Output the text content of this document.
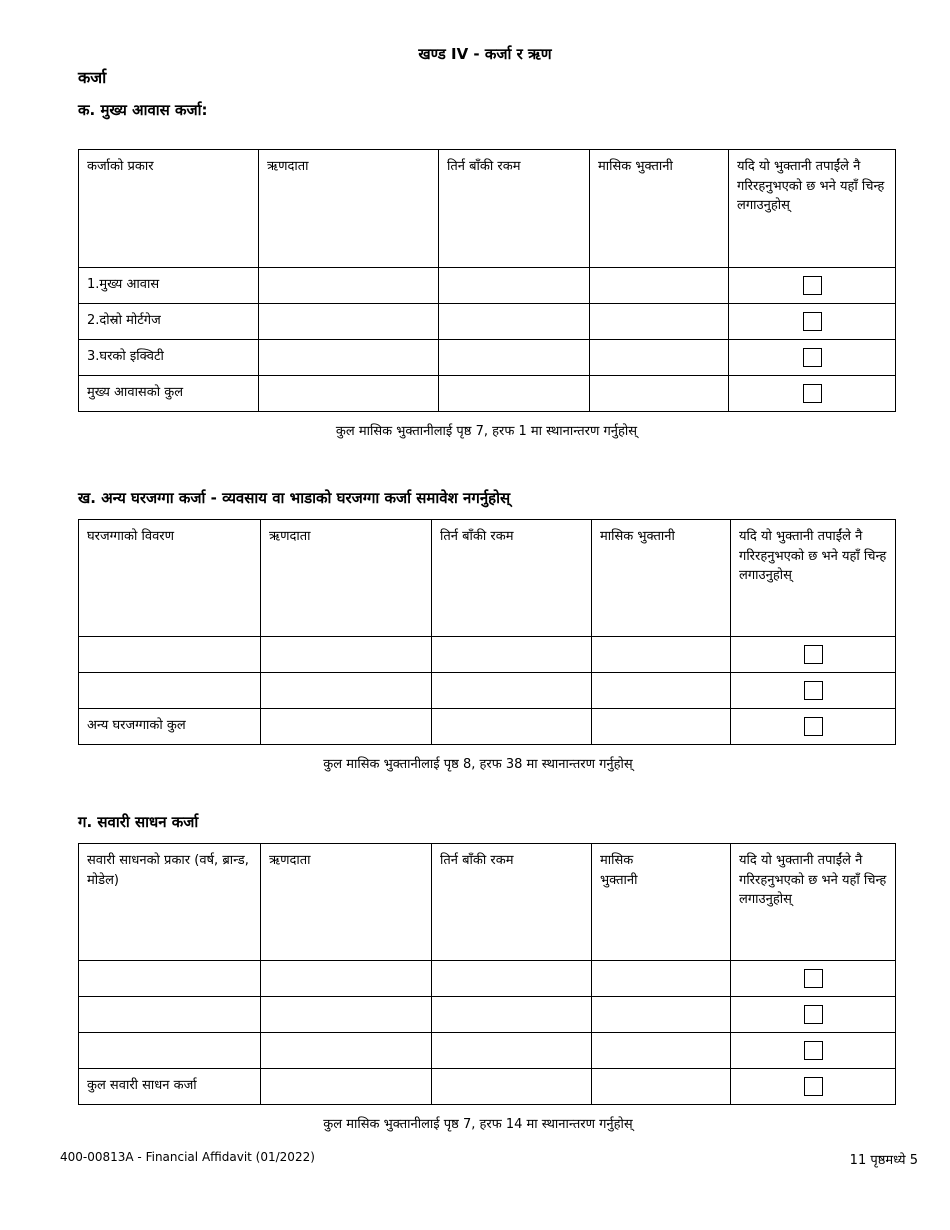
खण्ड IV - कर्जा र ऋण
कर्जा
क. मुख्य आवास कर्जा:
कर्जाको प्रकार	ऋणदाता	तिर्न बाँकी रकम	मासिक भुक्तानी	यदि यो भुक्तानी तपाईंले नै गरिरहनुभएको छ भने यहाँ चिन्ह लगाउनुहोस्

1.मुख्य आवास				

2.दोस्रो मोर्टगेज				

3.घरको इक्विटी				

मुख्य आवासको कुल				

कुल मासिक भुक्तानीलाई पृष्ठ 7, हरफ 1 मा स्थानान्तरण गर्नुहोस्
ख. अन्य घरजग्गा कर्जा - व्यवसाय वा भाडाको घरजग्गा कर्जा समावेश नगर्नुहोस्
घरजग्गाको विवरण	ऋणदाता	तिर्न बाँकी रकम	मासिक भुक्तानी	यदि यो भुक्तानी तपाईंले नै गरिरहनुभएको छ भने यहाँ चिन्ह लगाउनुहोस्

अन्य घरजग्गाको कुल				

कुल मासिक भुक्तानीलाई पृष्ठ 8, हरफ 38 मा स्थानान्तरण गर्नुहोस्
ग. सवारी साधन कर्जा
सवारी साधनको प्रकार (वर्ष, ब्रान्ड, मोडेल)	ऋणदाता	तिर्न बाँकी रकम	मासिक भुक्तानी	यदि यो भुक्तानी तपाईंले नै गरिरहनुभएको छ भने यहाँ चिन्ह लगाउनुहोस्

कुल सवारी साधन कर्जा				

कुल मासिक भुक्तानीलाई पृष्ठ 7, हरफ 14 मा स्थानान्तरण गर्नुहोस्
400-00813A - Financial Affidavit (01/2022)	11 पृष्ठमध्ये 5
